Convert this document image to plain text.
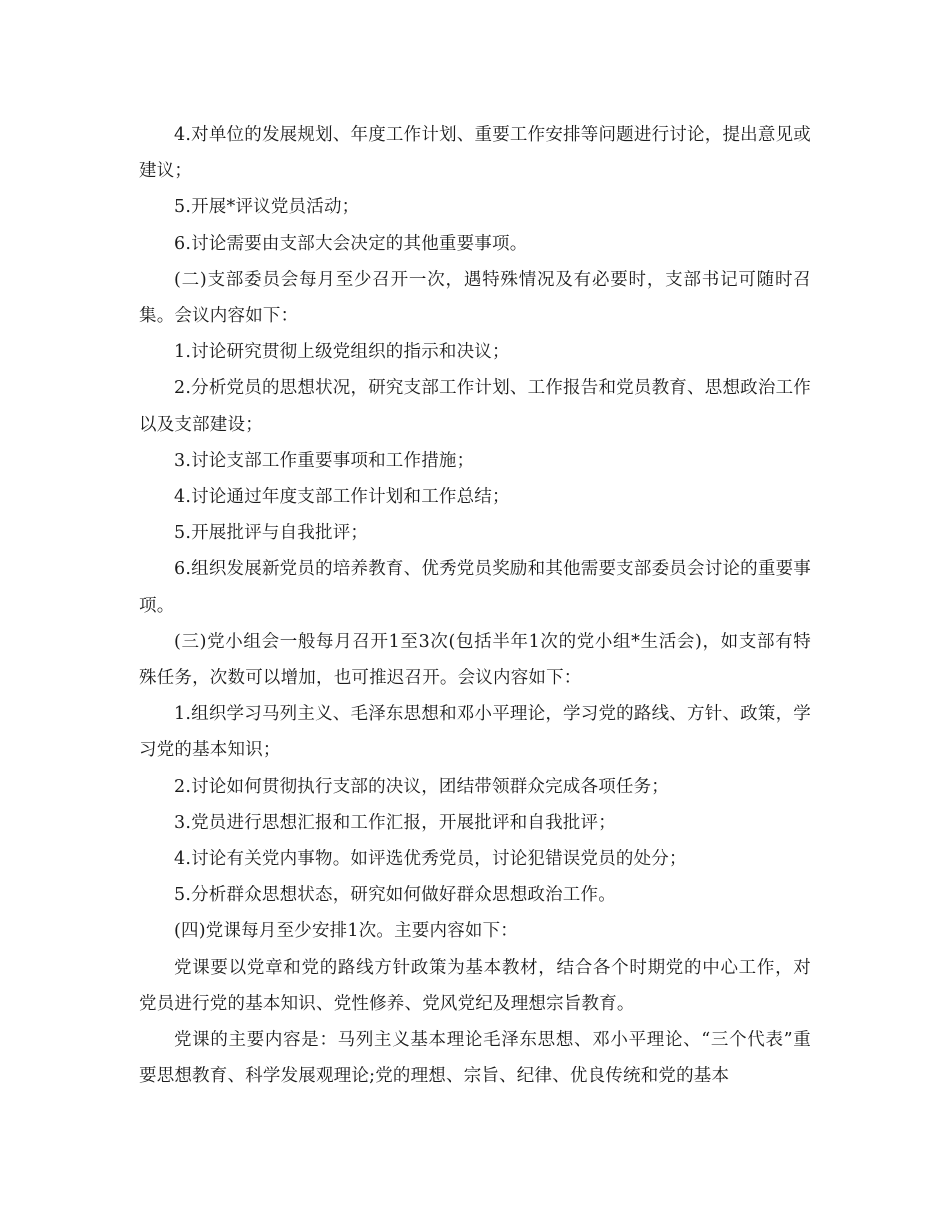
4.对单位的发展规划、年度工作计划、重要工作安排等问题进行讨论，提出意见或建议；

5.开展*评议党员活动；

6.讨论需要由支部大会决定的其他重要事项。

(二)支部委员会每月至少召开一次，遇特殊情况及有必要时，支部书记可随时召集。会议内容如下：

1.讨论研究贯彻上级党组织的指示和决议；

2.分析党员的思想状况，研究支部工作计划、工作报告和党员教育、思想政治工作以及支部建设；

3.讨论支部工作重要事项和工作措施；

4.讨论通过年度支部工作计划和工作总结；

5.开展批评与自我批评；

6.组织发展新党员的培养教育、优秀党员奖励和其他需要支部委员会讨论的重要事项。

(三)党小组会一般每月召开1至3次(包括半年1次的党小组*生活会)，如支部有特殊任务，次数可以增加，也可推迟召开。会议内容如下：

1.组织学习马列主义、毛泽东思想和邓小平理论，学习党的路线、方针、政策，学习党的基本知识；

2.讨论如何贯彻执行支部的决议，团结带领群众完成各项任务；

3.党员进行思想汇报和工作汇报，开展批评和自我批评；

4.讨论有关党内事物。如评选优秀党员，讨论犯错误党员的处分；

5.分析群众思想状态，研究如何做好群众思想政治工作。

(四)党课每月至少安排1次。主要内容如下：

党课要以党章和党的路线方针政策为基本教材，结合各个时期党的中心工作，对党员进行党的基本知识、党性修养、党风党纪及理想宗旨教育。

党课的主要内容是：马列主义基本理论毛泽东思想、邓小平理论、“三个代表”重要思想教育、科学发展观理论;党的理想、宗旨、纪律、优良传统和党的基本
